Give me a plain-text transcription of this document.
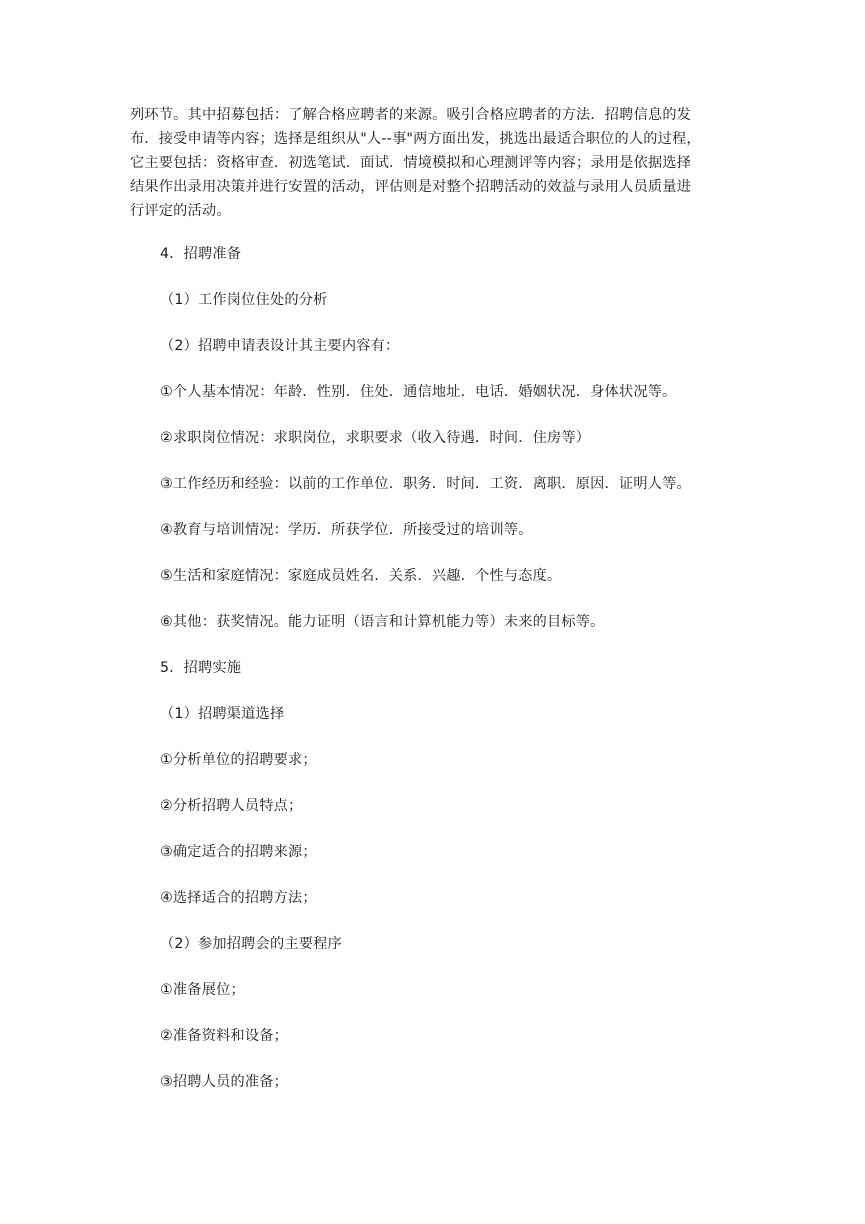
列环节。其中招募包括：了解合格应聘者的来源。吸引合格应聘者的方法．招聘信息的发
布．接受申请等内容；选择是组织从"人--事"两方面出发，挑选出最适合职位的人的过程，
它主要包括：资格审查．初选笔试．面试．情境模拟和心理测评等内容；录用是依据选择
结果作出录用决策并进行安置的活动，评估则是对整个招聘活动的效益与录用人员质量进
行评定的活动。
4．招聘准备
（1）工作岗位住处的分析
（2）招聘申请表设计其主要内容有：
①个人基本情况：年龄．性别．住处．通信地址．电话．婚姻状况．身体状况等。
②求职岗位情况：求职岗位，求职要求（收入待遇．时间．住房等）
③工作经历和经验：以前的工作单位．职务．时间．工资．离职．原因．证明人等。
④教育与培训情况：学历．所获学位．所接受过的培训等。
⑤生活和家庭情况：家庭成员姓名．关系．兴趣．个性与态度。
⑥其他：获奖情况。能力证明（语言和计算机能力等）未来的目标等。
5．招聘实施
（1）招聘渠道选择
①分析单位的招聘要求；
②分析招聘人员特点；
③确定适合的招聘来源；
④选择适合的招聘方法；
（2）参加招聘会的主要程序
①准备展位；
②准备资料和设备；
③招聘人员的准备；
